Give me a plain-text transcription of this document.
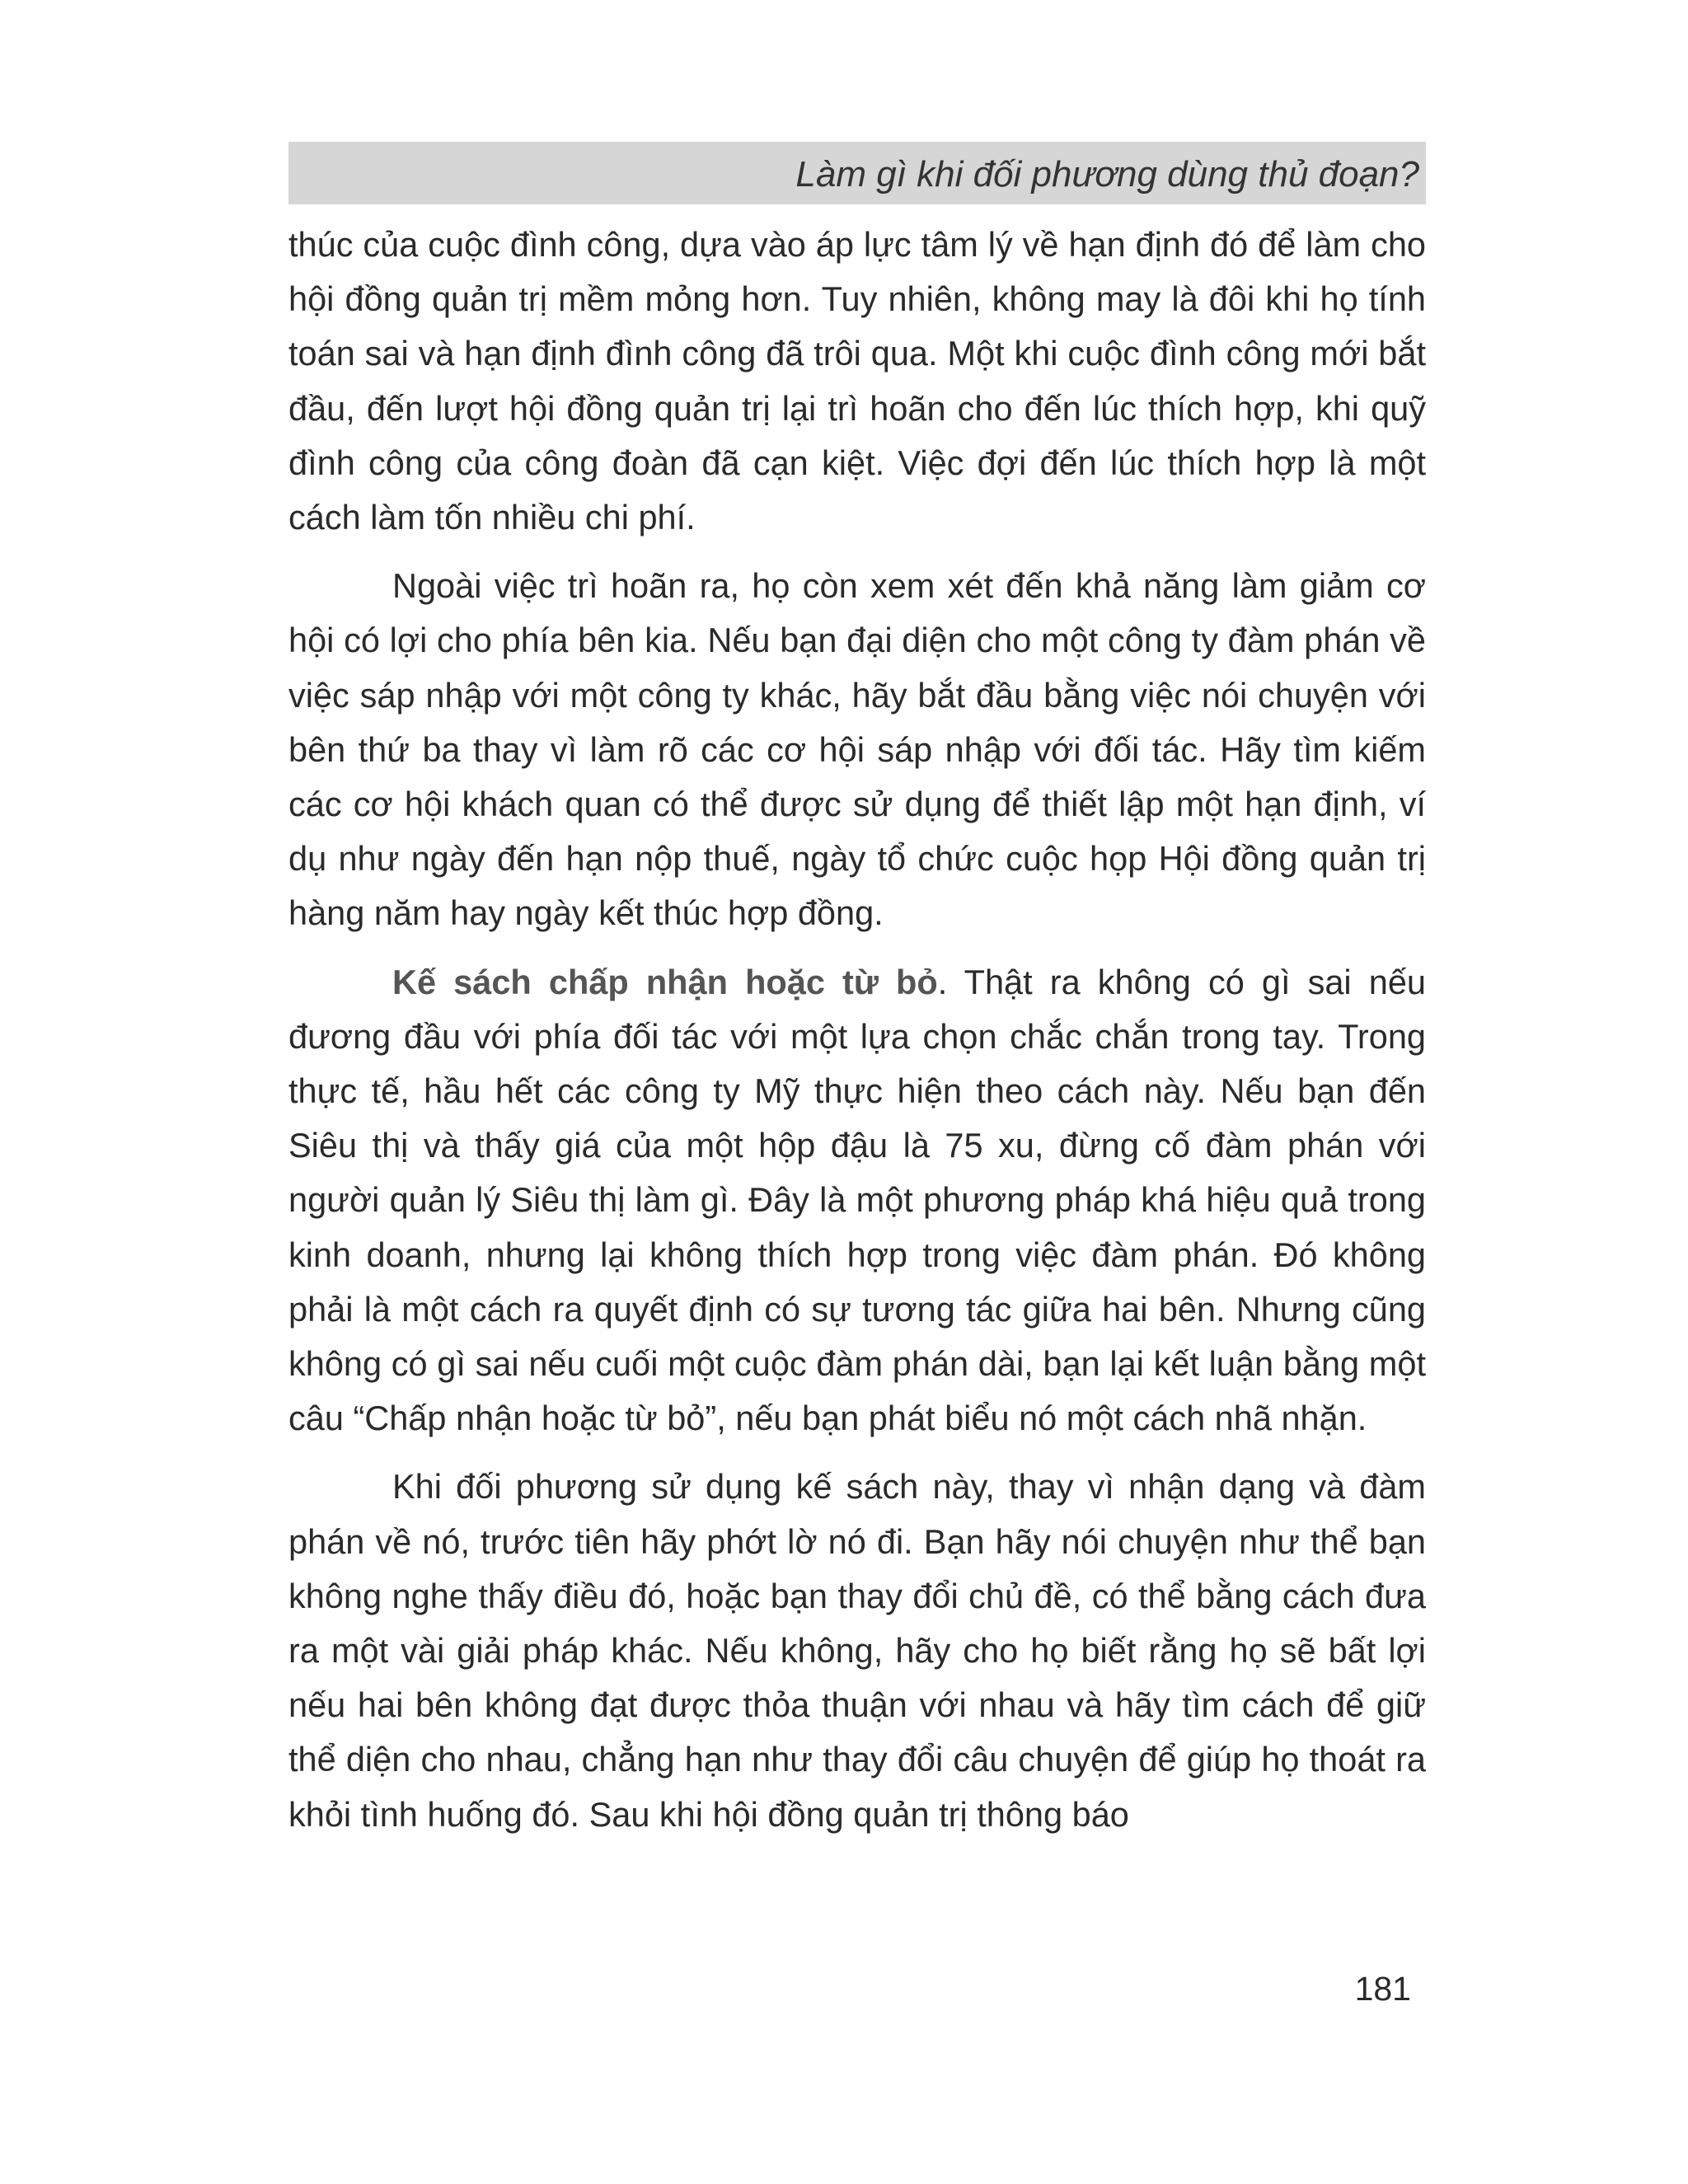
Làm gì khi đối phương dùng thủ đoạn?

thúc của cuộc đình công, dựa vào áp lực tâm lý về hạn định đó để làm cho hội đồng quản trị mềm mỏng hơn. Tuy nhiên, không may là đôi khi họ tính toán sai và hạn định đình công đã trôi qua. Một khi cuộc đình công mới bắt đầu, đến lượt hội đồng quản trị lại trì hoãn cho đến lúc thích hợp, khi quỹ đình công của công đoàn đã cạn kiệt. Việc đợi đến lúc thích hợp là một cách làm tốn nhiều chi phí.

Ngoài việc trì hoãn ra, họ còn xem xét đến khả năng làm giảm cơ hội có lợi cho phía bên kia. Nếu bạn đại diện cho một công ty đàm phán về việc sáp nhập với một công ty khác, hãy bắt đầu bằng việc nói chuyện với bên thứ ba thay vì làm rõ các cơ hội sáp nhập với đối tác. Hãy tìm kiếm các cơ hội khách quan có thể được sử dụng để thiết lập một hạn định, ví dụ như ngày đến hạn nộp thuế, ngày tổ chức cuộc họp Hội đồng quản trị hàng năm hay ngày kết thúc hợp đồng.

Kế sách chấp nhận hoặc từ bỏ. Thật ra không có gì sai nếu đương đầu với phía đối tác với một lựa chọn chắc chắn trong tay. Trong thực tế, hầu hết các công ty Mỹ thực hiện theo cách này. Nếu bạn đến Siêu thị và thấy giá của một hộp đậu là 75 xu, đừng cố đàm phán với người quản lý Siêu thị làm gì. Đây là một phương pháp khá hiệu quả trong kinh doanh, nhưng lại không thích hợp trong việc đàm phán. Đó không phải là một cách ra quyết định có sự tương tác giữa hai bên. Nhưng cũng không có gì sai nếu cuối một cuộc đàm phán dài, bạn lại kết luận bằng một câu “Chấp nhận hoặc từ bỏ”, nếu bạn phát biểu nó một cách nhã nhặn.

Khi đối phương sử dụng kế sách này, thay vì nhận dạng và đàm phán về nó, trước tiên hãy phớt lờ nó đi. Bạn hãy nói chuyện như thể bạn không nghe thấy điều đó, hoặc bạn thay đổi chủ đề, có thể bằng cách đưa ra một vài giải pháp khác. Nếu không, hãy cho họ biết rằng họ sẽ bất lợi nếu hai bên không đạt được thỏa thuận với nhau và hãy tìm cách để giữ thể diện cho nhau, chẳng hạn như thay đổi câu chuyện để giúp họ thoát ra khỏi tình huống đó. Sau khi hội đồng quản trị thông báo

181
